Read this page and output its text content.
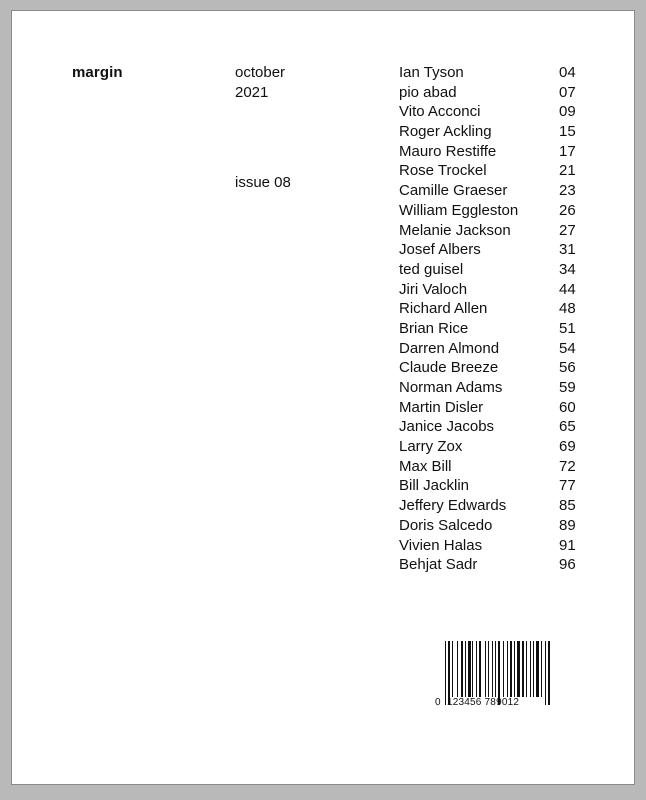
margin	october
2021
issue 08
Ian Tyson	04
pio abad	07
Vito Acconci	09
Roger Ackling	15
Mauro Restiffe	17
Rose Trockel	21
Camille Graeser	23
William Eggleston	26
Melanie Jackson	27
Josef Albers	31
ted guisel	34
Jiri Valoch	44
Richard Allen	48
Brian Rice	51
Darren Almond	54
Claude Breeze	56
Norman Adams	59
Martin Disler	60
Janice Jacobs	65
Larry Zox	69
Max Bill	72
Bill Jacklin	77
Jeffery Edwards	85
Doris Salcedo	89
Vivien Halas	91
Behjat Sadr	96
0 123456 789012
